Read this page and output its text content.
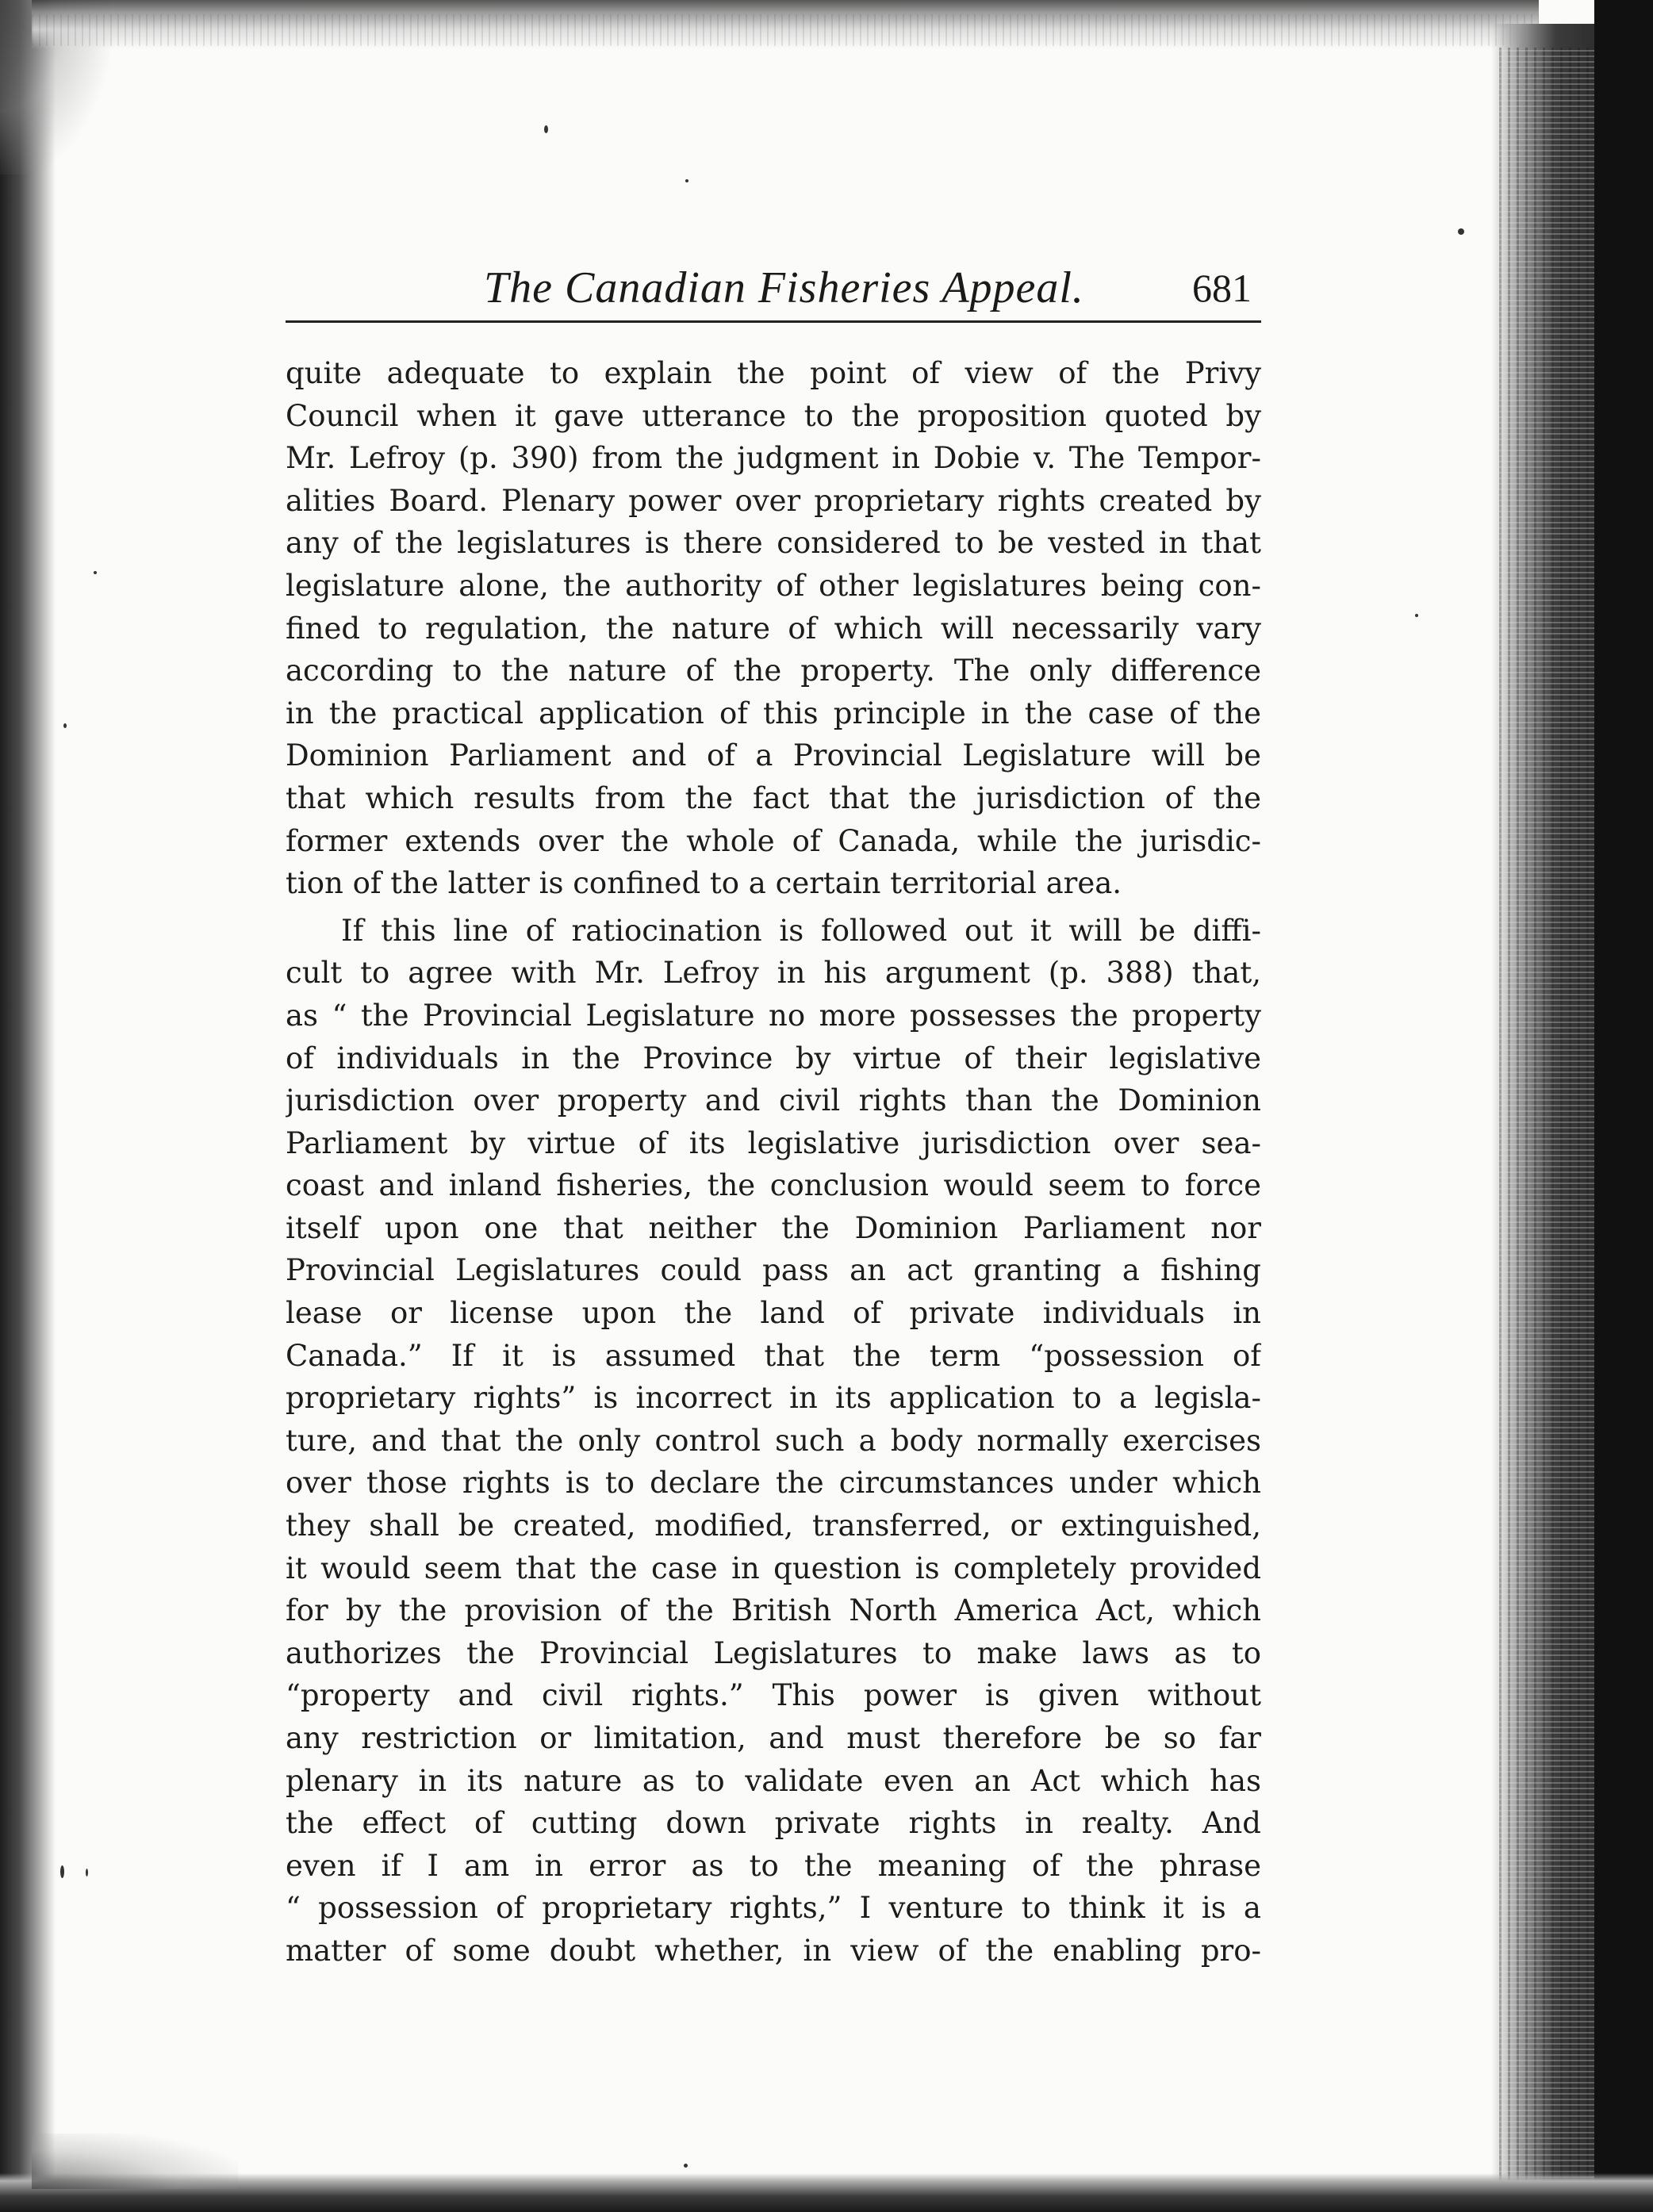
The Canadian Fisheries Appeal.	681
quite adequate to explain the point of view of the Privy
Council when it gave utterance to the proposition quoted by
Mr. Lefroy (p. 390) from the judgment in Dobie v. The Tempor-
alities Board. Plenary power over proprietary rights created by
any of the legislatures is there considered to be vested in that
legislature alone, the authority of other legislatures being con-
fined to regulation, the nature of which will necessarily vary
according to the nature of the property. The only difference
in the practical application of this principle in the case of the
Dominion Parliament and of a Provincial Legislature will be
that which results from the fact that the jurisdiction of the
former extends over the whole of Canada, while the jurisdic-
tion of the latter is confined to a certain territorial area.
If this line of ratiocination is followed out it will be diffi-
cult to agree with Mr. Lefroy in his argument (p. 388) that,
as “ the Provincial Legislature no more possesses the property
of individuals in the Province by virtue of their legislative
jurisdiction over property and civil rights than the Dominion
Parliament by virtue of its legislative jurisdiction over sea-
coast and inland fisheries, the conclusion would seem to force
itself upon one that neither the Dominion Parliament nor
Provincial Legislatures could pass an act granting a fishing
lease or license upon the land of private individuals in
Canada.” If it is assumed that the term “possession of
proprietary rights” is incorrect in its application to a legisla-
ture, and that the only control such a body normally exercises
over those rights is to declare the circumstances under which
they shall be created, modified, transferred, or extinguished,
it would seem that the case in question is completely provided
for by the provision of the British North America Act, which
authorizes the Provincial Legislatures to make laws as to
“property and civil rights.” This power is given without
any restriction or limitation, and must therefore be so far
plenary in its nature as to validate even an Act which has
the effect of cutting down private rights in realty. And
even if I am in error as to the meaning of the phrase
“ possession of proprietary rights,” I venture to think it is a
matter of some doubt whether, in view of the enabling pro-
